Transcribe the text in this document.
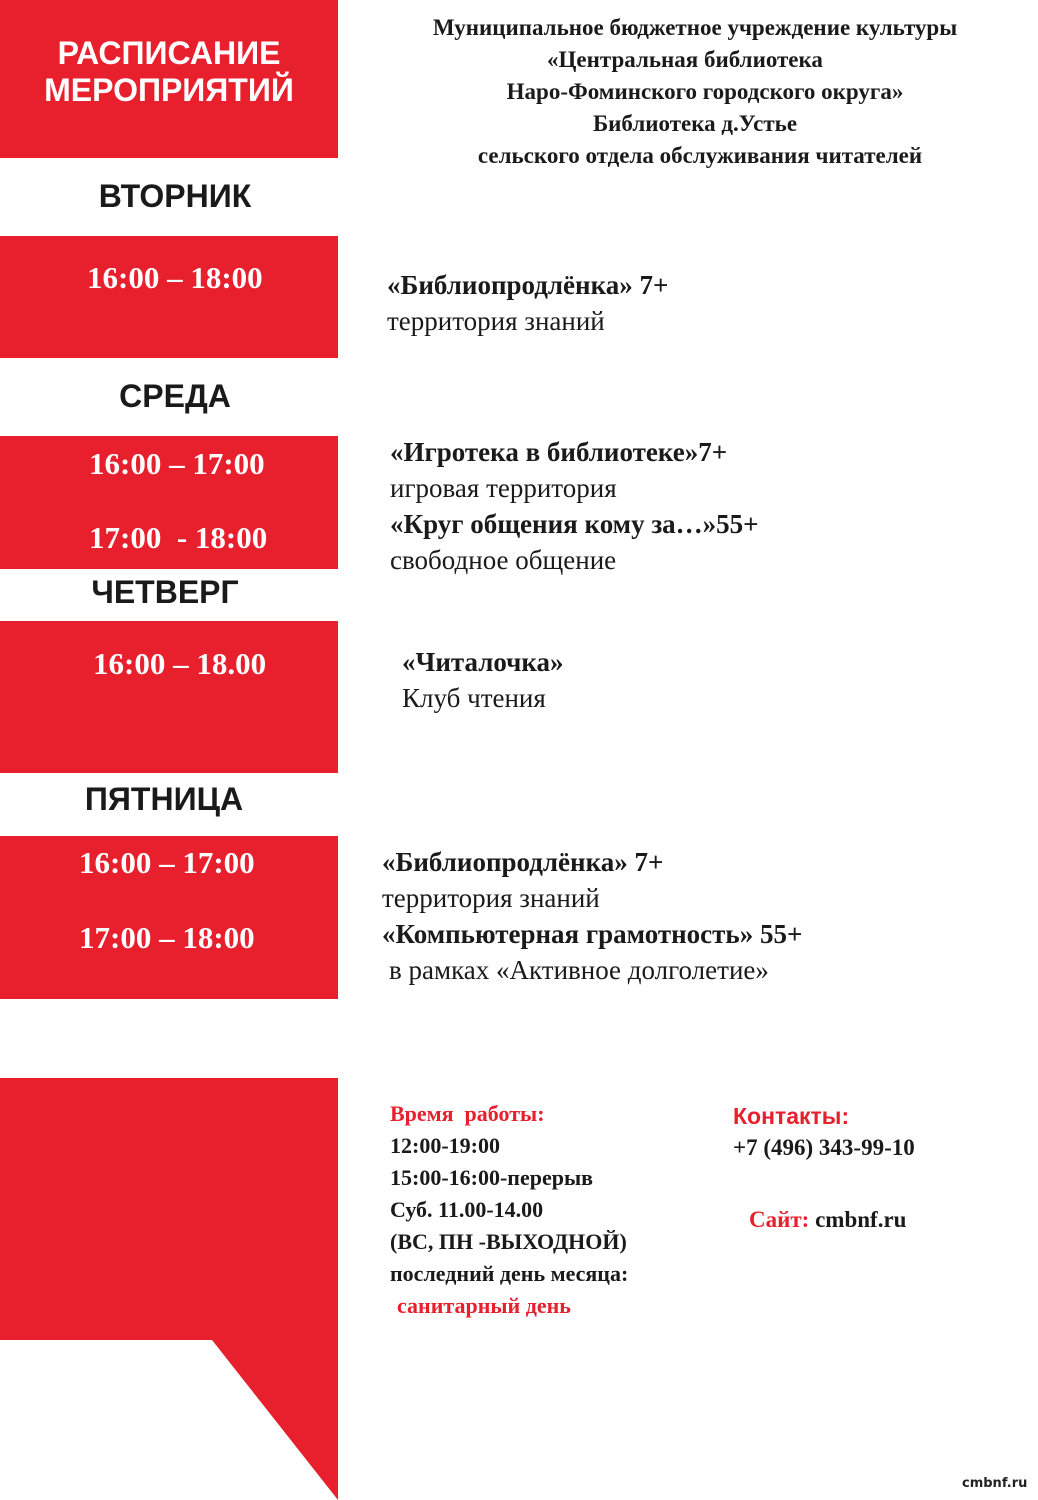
РАСПИСАНИЕ
МЕРОПРИЯТИЙ
Муниципальное бюджетное учреждение культуры
«Центральная библиотека
Наро-Фоминского городского округа»
Библиотека д.Устье
сельского отдела обслуживания читателей
ВТОРНИК
16:00 – 18:00	«Библиопродлёнка» 7+
территория знаний
СРЕДА
16:00 – 17:00
17:00  - 18:00
«Игротека в библиотеке»7+
игровая территория
«Круг общения кому за…»55+
свободное общение
ЧЕТВЕРГ
16:00 – 18.00	«Читалочка»
Клуб чтения
ПЯТНИЦА
16:00 – 17:00
17:00 – 18:00
«Библиопродлёнка» 7+
территория знаний
«Компьютерная грамотность» 55+
в рамках «Активное долголетие»
Время  работы:
12:00-19:00
15:00-16:00-перерыв
Суб. 11.00-14.00
(ВС, ПН -ВЫХОДНОЙ)
последний день месяца:
санитарный день
Контакты:
+7 (496) 343-99-10
Сайт: cmbnf.ru
cmbnf.ru
